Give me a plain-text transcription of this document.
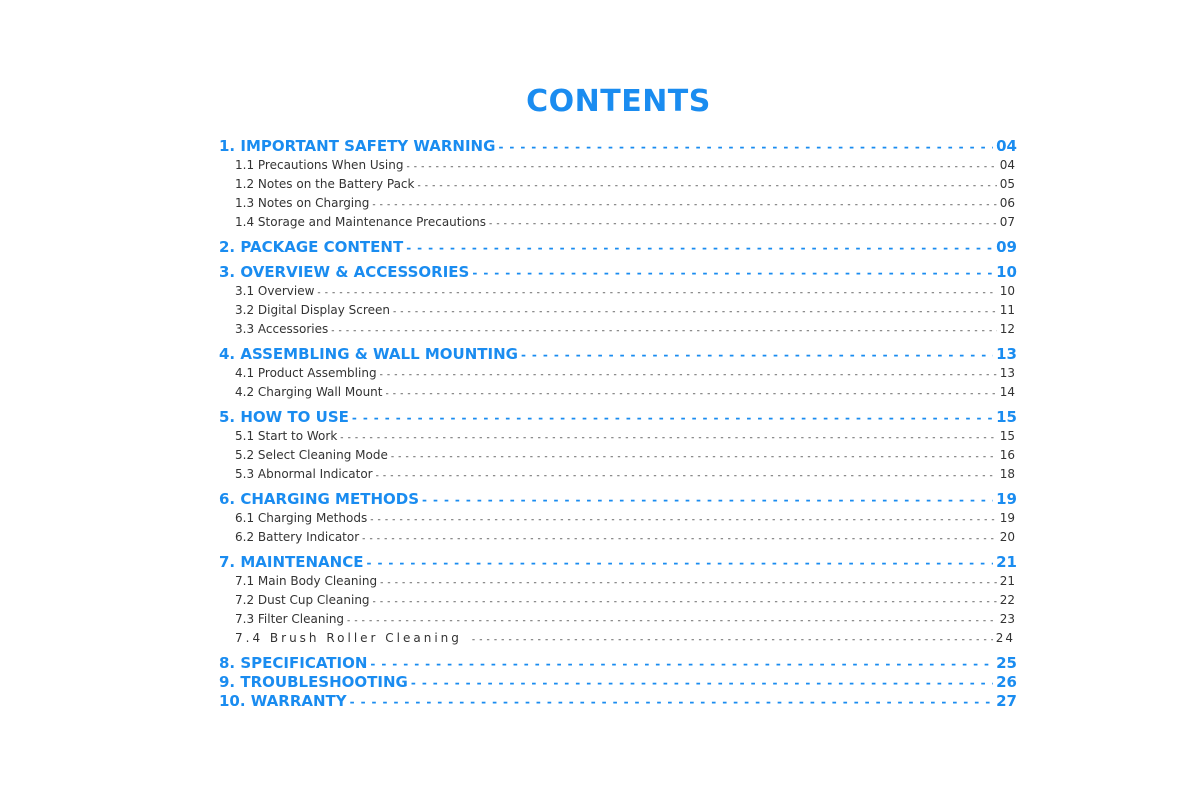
CONTENTS
1. IMPORTANT SAFETY WARNING - - -	04
1.1 Precautions When Using - - -	04
1.2 Notes on the Battery Pack - - -	05
1.3 Notes on Charging - - -	06
1.4 Storage and Maintenance Precautions - - -	07
2. PACKAGE CONTENT - - -	09
3. OVERVIEW & ACCESSORIES - - -	10
3.1 Overview - - -	10
3.2 Digital Display Screen - - -	11
3.3 Accessories - - -	12
4. ASSEMBLING & WALL MOUNTING - - -	13
4.1 Product Assembling - - -	13
4.2 Charging Wall Mount - - -	14
5. HOW TO USE - - -	15
5.1 Start to Work - - -	15
5.2 Select Cleaning Mode - - -	16
5.3 Abnormal Indicator - - -	18
6. CHARGING METHODS - - -	19
6.1 Charging Methods - - -	19
6.2 Battery Indicator - - -	20
7. MAINTENANCE - - -	21
7.1 Main Body Cleaning - - -	21
7.2 Dust Cup Cleaning - - -	22
7.3 Filter Cleaning - - -	23
7.4 Brush Roller Cleaning - - -	24
8. SPECIFICATION - - -	25
9. TROUBLESHOOTING - - -	26
10. WARRANTY - - -	27
